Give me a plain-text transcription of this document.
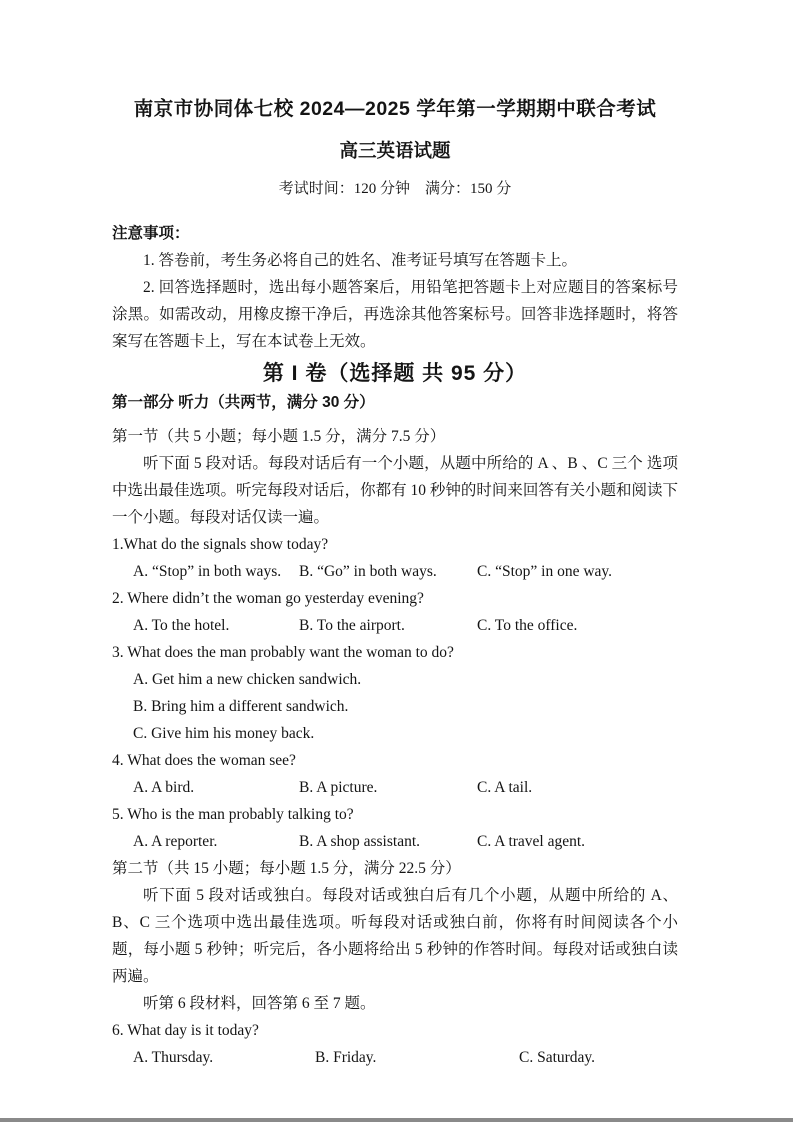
南京市协同体七校 2024—2025 学年第一学期期中联合考试
高三英语试题
考试时间：120 分钟　满分：150 分
注意事项：
1. 答卷前，考生务必将自己的姓名、准考证号填写在答题卡上。
2. 回答选择题时，选出每小题答案后，用铅笔把答题卡上对应题目的答案标号涂黑。如需改动，用橡皮擦干净后，再选涂其他答案标号。回答非选择题时，将答案写在答题卡上，写在本试卷上无效。
第 I 卷（选择题 共 95 分）
第一部分 听力（共两节，满分 30 分）
第一节（共 5 小题；每小题 1.5 分，满分 7.5 分）
听下面 5 段对话。每段对话后有一个小题，从题中所给的 A 、B 、C 三个 选项中选出最佳选项。听完每段对话后，你都有 10 秒钟的时间来回答有关小题和阅读下一个小题。每段对话仅读一遍。
1.What do the signals show today?
A. “Stop” in both ways.	B. “Go” in both ways.	C. “Stop” in one way.
2. Where didn’t the woman go yesterday evening?
A. To the hotel.	B. To the airport.	C. To the office.
3. What does the man probably want the woman to do?
A. Get him a new chicken sandwich.
B. Bring him a different sandwich.
C. Give him his money back.
4. What does the woman see?
A. A bird.	B. A picture.	C. A tail.
5. Who is the man probably talking to?
A. A reporter.	B. A shop assistant.	C. A travel agent.
第二节（共 15 小题；每小题 1.5 分，满分 22.5 分）
听下面 5 段对话或独白。每段对话或独白后有几个小题，从题中所给的 A、B、C 三个选项中选出最佳选项。听每段对话或独白前，你将有时间阅读各个小题，每小题 5 秒钟；听完后，各小题将给出 5 秒钟的作答时间。每段对话或独白读两遍。
听第 6 段材料，回答第 6 至 7 题。
6. What day is it today?
A. Thursday.	B. Friday.	C. Saturday.
